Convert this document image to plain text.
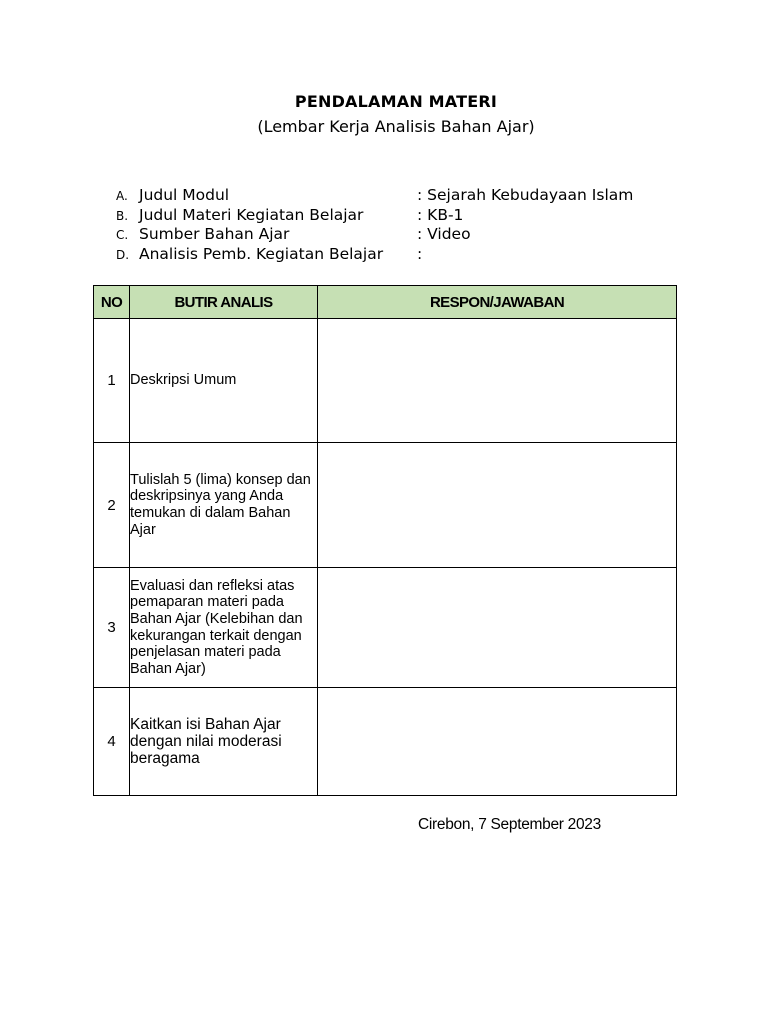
PENDALAMAN MATERI
(Lembar Kerja Analisis Bahan Ajar)
A. Judul Modul	: Sejarah Kebudayaan Islam
B. Judul Materi Kegiatan Belajar	: KB-1
C. Sumber Bahan Ajar	: Video
D. Analisis Pemb. Kegiatan Belajar :
NO	BUTIR ANALIS	RESPON/JAWABAN
1	Deskripsi Umum	
2	Tulislah 5 (lima) konsep dan deskripsinya yang Anda temukan di dalam Bahan Ajar	
3	Evaluasi dan refleksi atas pemaparan materi pada Bahan Ajar (Kelebihan dan kekurangan terkait dengan penjelasan materi pada Bahan Ajar)	
4	Kaitkan isi Bahan Ajar dengan nilai moderasi beragama	
Cirebon, 7 September 2023
